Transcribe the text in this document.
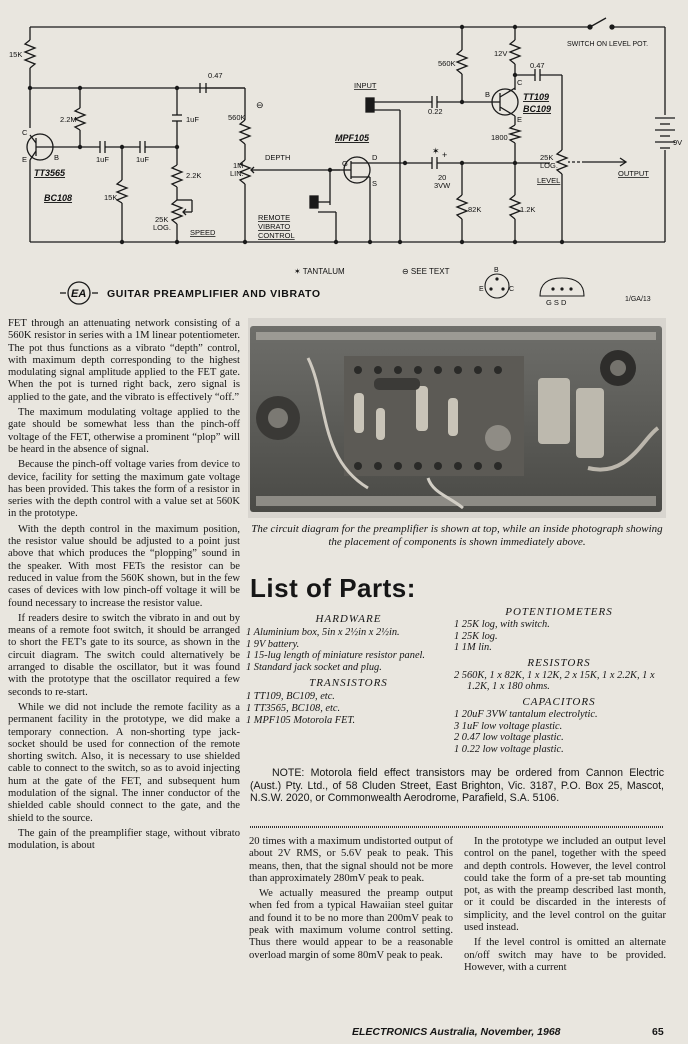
15K
2.2M
0.47
⊖
560K
1uF
1uF	1uF
2.2K
15K
25K
LOG.
SPEED
1M
LIN.
DEPTH
REMOTE
VIBRATO
CONTROL
TT3565
BC108
MPF105
INPUT
0.22
560K
12V
SWITCH ON LEVEL POT.
0.47
TT109
BC109
1800
20
3VW
✶
82K	1.2K
25K
LOG.
LEVEL
OUTPUT
9V
B
C
E
C
B
E
G
D
S
+
✶ TANTALUM	⊖ SEE TEXT	B
C
E
G S D	1/GA/13
EA GUITAR PREAMPLIFIER AND VIBRATO

FET through an attenuating network consisting of a 560K resistor in series with a 1M linear potentiometer. The pot thus functions as a vibrato “depth” control, with maximum depth corresponding to the highest modulating signal amplitude applied to the FET gate. When the pot is turned right back, zero signal is applied to the gate, and the vibrato is effectively “off.”

The maximum modulating voltage applied to the gate should be somewhat less than the pinch-off voltage of the FET, otherwise a prominent “plop” will be heard in the absence of signal.

Because the pinch-off voltage varies from device to device, facility for setting the maximum gate voltage has been provided. This takes the form of a resistor in series with the depth control with a value set at 560K in the prototype.

With the depth control in the maximum position, the resistor value should be adjusted to a point just above that which produces the “plopping” sound in the speaker. With most FETs the resistor can be reduced in value from the 560K shown, but in the few cases of devices with low pinch-off voltage it will be found necessary to increase the resistor value.

If readers desire to switch the vibrato in and out by means of a remote foot switch, it should be arranged to short the FET's gate to its source, as shown in the circuit diagram. The switch could alternatively be arranged to disable the oscillator, but it was found with the prototype that the oscillator required a few seconds to re-start.

While we did not include the remote facility as a permanent facility in the prototype, we did make a temporary connection. A non-shorting type jack-socket should be used for connection of the remote shorting switch. Also, it is necessary to use shielded cable to connect to the switch, so as to avoid injecting hum at the gate of the FET, and subsequent hum modulation of the signal. The inner conductor of the shielded cable should connect to the gate, and the shield to the source.

The gain of the preamplifier stage, without vibrato modulation, is about

The circuit diagram for the preamplifier is shown at top, while an inside photograph showing the placement of components is shown immediately above.
List of Parts:
HARDWARE

1 Aluminium box, 5in x 2½in x 2½in.

1 9V battery.

1 15-lug length of miniature resistor panel.

1 Standard jack socket and plug.

TRANSISTORS

1 TT109, BC109, etc.

1 TT3565, BC108, etc.

1 MPF105 Motorola FET.

POTENTIOMETERS

1 25K log, with switch.

1 25K log.

1 1M lin.

RESISTORS

2 560K, 1 x 82K, 1 x 12K, 2 x 15K, 1 x 2.2K, 1 x 1.2K, 1 x 180 ohms.

CAPACITORS

1 20uF 3VW tantalum electrolytic.

3 1uF low voltage plastic.

2 0.47 low voltage plastic.

1 0.22 low voltage plastic.

NOTE: Motorola field effect transistors may be ordered from Cannon Electric (Aust.) Pty. Ltd., of 58 Cluden Street, East Brighton, Vic. 3187, P.O. Box 25, Mascot, N.S.W. 2020, or Commonwealth Aerodrome, Parafield, S.A. 5106.

20 times with a maximum undistorted output of about 2V RMS, or 5.6V peak to peak. This means, then, that the signal should not be more than approximately 280mV peak to peak.

We actually measured the preamp output when fed from a typical Hawaiian steel guitar and found it to be no more than 200mV peak to peak with maximum volume control setting. Thus there would appear to be a reasonable overload margin of some 80mV peak to peak.

In the prototype we included an output level control on the panel, together with the speed and depth controls. However, the level control could take the form of a pre-set tab mounting pot, as with the preamp described last month, or it could be discarded in the interests of simplicity, and the level control on the guitar used instead.

If the level control is omitted an alternate on/off switch may have to be provided. However, with a current

ELECTRONICS Australia, November, 1968	65
